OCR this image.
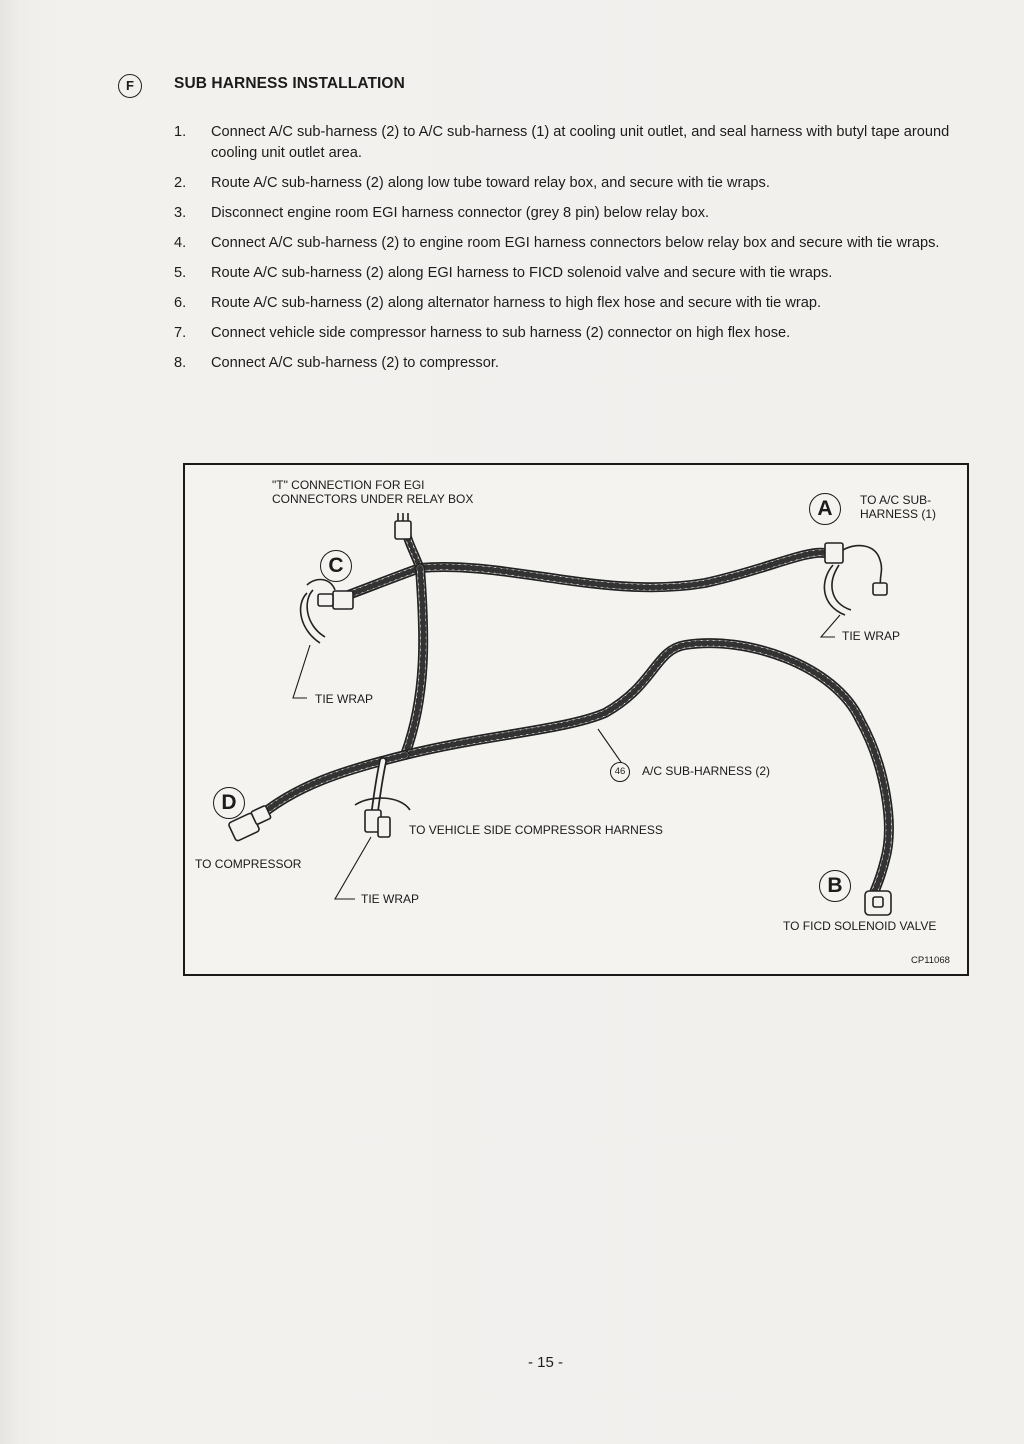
F	SUB HARNESS INSTALLATION
1. Connect A/C sub-harness (2) to A/C sub-harness (1) at cooling unit outlet, and seal harness with butyl tape around cooling unit outlet area.
2. Route A/C sub-harness (2) along low tube toward relay box, and secure with tie wraps.
3. Disconnect engine room EGI harness connector (grey 8 pin) below relay box.
4. Connect A/C sub-harness (2) to engine room EGI harness connectors below relay box and secure with tie wraps.
5. Route A/C sub-harness (2) along EGI harness to FICD solenoid valve and secure with tie wraps.
6. Route A/C sub-harness (2) along alternator harness to high flex hose and secure with tie wrap.
7. Connect vehicle side compressor harness to sub harness (2) connector on high flex hose.
8. Connect A/C sub-harness (2) to compressor.
"T" CONNECTION FOR EGI
CONNECTORS UNDER RELAY BOX	A	TO A/C SUB-
HARNESS (1)
C
TIE WRAP
TIE WRAP
46	A/C SUB-HARNESS (2)
D
TO VEHICLE SIDE COMPRESSOR HARNESS
TO COMPRESSOR
TIE WRAP
B
TO FICD SOLENOID VALVE
CP11068
- 15 -
